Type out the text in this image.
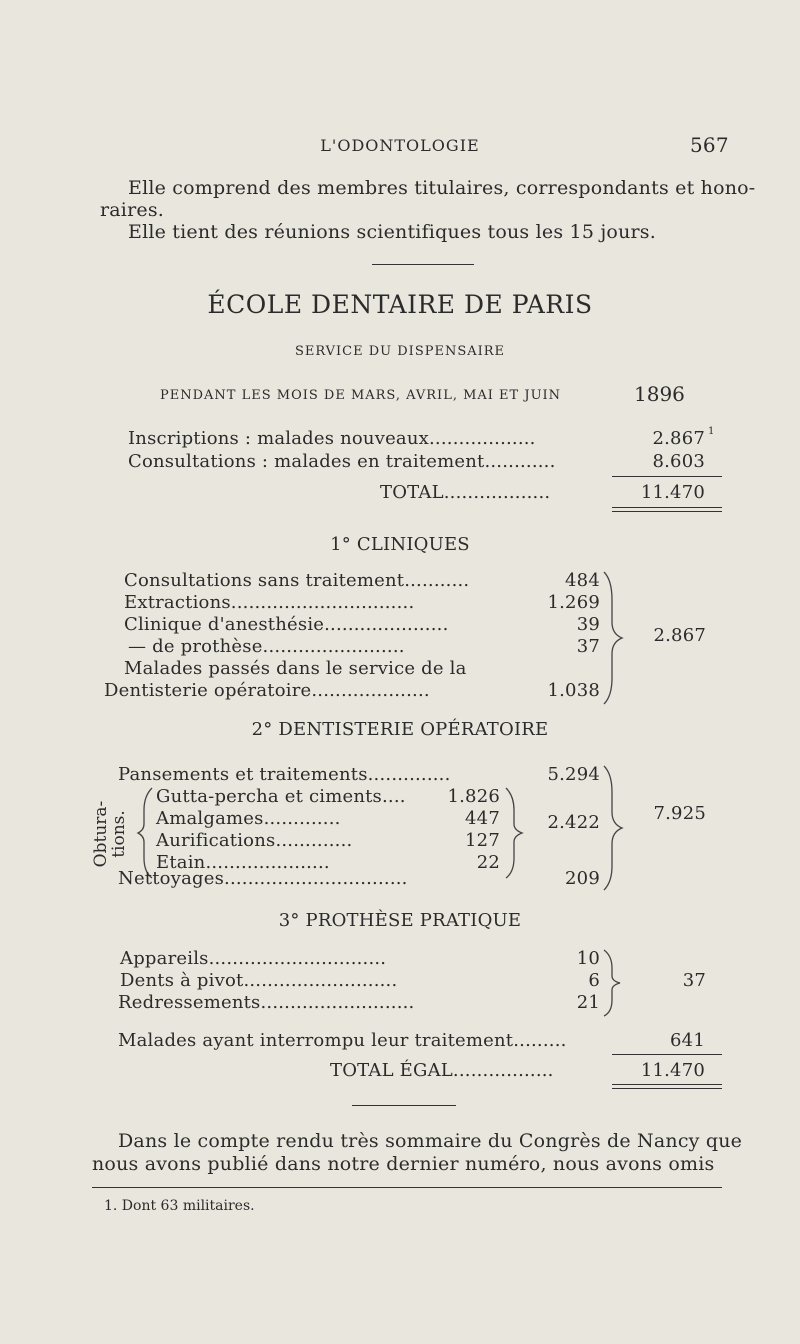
L'ODONTOLOGIE	567
Elle comprend des membres titulaires, correspondants et hono-
raires.
Elle tient des réunions scientifiques tous les 15 jours.
ÉCOLE DENTAIRE DE PARIS
SERVICE DU DISPENSAIRE
PENDANT LES MOIS DE MARS, AVRIL, MAI ET JUIN	1896
Inscriptions : malades nouveaux..................	2.867 1
Consultations : malades en traitement............	8.603
TOTAL..................	11.470
1° CLINIQUES
Consultations sans traitement...........	484
Extractions...............................	1.269
Clinique d'anesthésie.....................	39
— de prothèse........................	37
Malades passés dans le service de la
Dentisterie opératoire....................	1.038
2.867
2° DENTISTERIE OPÉRATOIRE
Pansements et traitements..............	5.294
Obtura-tions.
Gutta-percha et ciments....	1.826
Amalgames.............	447
Aurifications.............	127
Etain.....................	22
2.422
Nettoyages...............................	209
7.925
3° PROTHÈSE PRATIQUE
Appareils..............................	10
Dents à pivot..........................	6
Redressements..........................	21
37
Malades ayant interrompu leur traitement.........	641
TOTAL ÉGAL.................	11.470
Dans le compte rendu très sommaire du Congrès de Nancy que
nous avons publié dans notre dernier numéro, nous avons omis
1. Dont 63 militaires.
